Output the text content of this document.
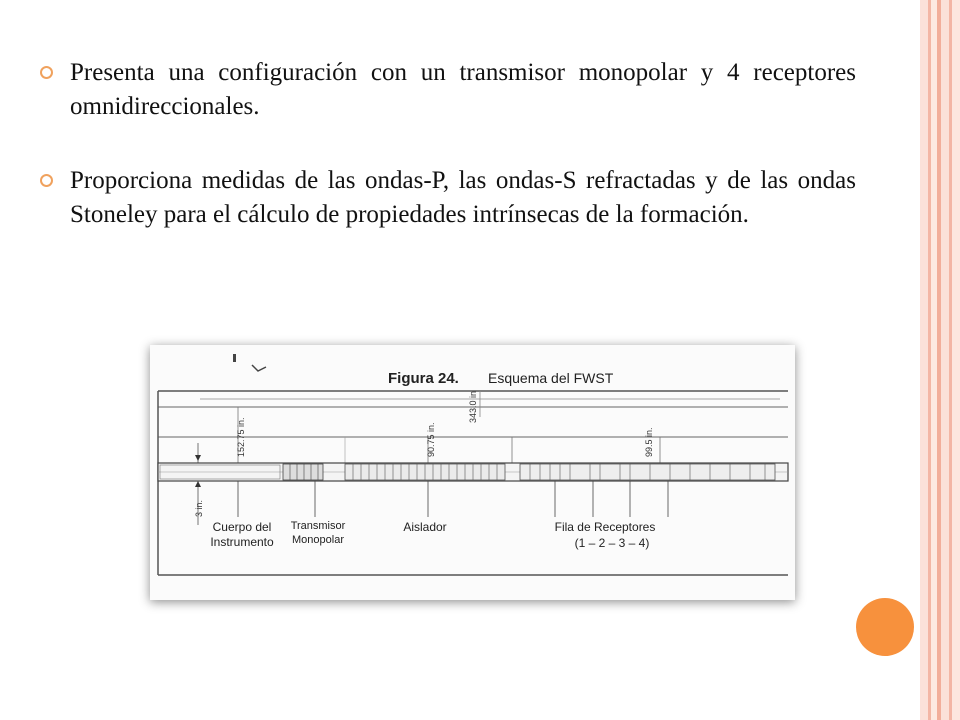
Presenta una configuración con un transmisor monopolar y 4 receptores omnidireccionales.
Proporciona medidas de las ondas-P, las ondas-S refractadas y de las ondas Stoneley para el cálculo de propiedades intrínsecas de la formación.
Figura 24. Esquema del FWST
152.75 in.	90.75 in.
343.0 in
99.5 in.
3 in.
Cuerpo del
Instrumento
Transmisor
Monopolar
Aislador	Fila de Receptores
(1 – 2 – 3 – 4)
